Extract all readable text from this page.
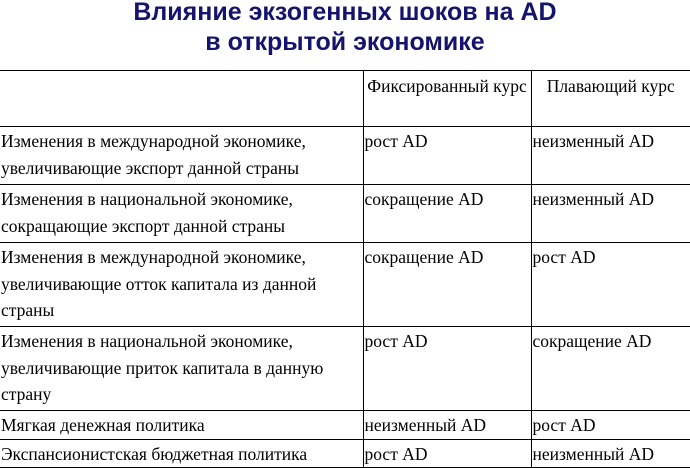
Влияние экзогенных шоков на AD
в открытой экономике
	Фиксированный курс	Плавающий курс
Изменения в международной экономике, увеличивающие экспорт данной страны	рост AD	неизменный AD
Изменения в национальной экономике, сокращающие экспорт данной страны	сокращение AD	неизменный AD
Изменения в международной экономике, увеличивающие отток капитала из данной страны	сокращение AD	рост AD
Изменения в национальной экономике, увеличивающие приток капитала в данную страну	рост AD	сокращение AD
Мягкая денежная политика	неизменный AD	рост AD
Экспансионистская бюджетная политика	рост AD	неизменный AD
